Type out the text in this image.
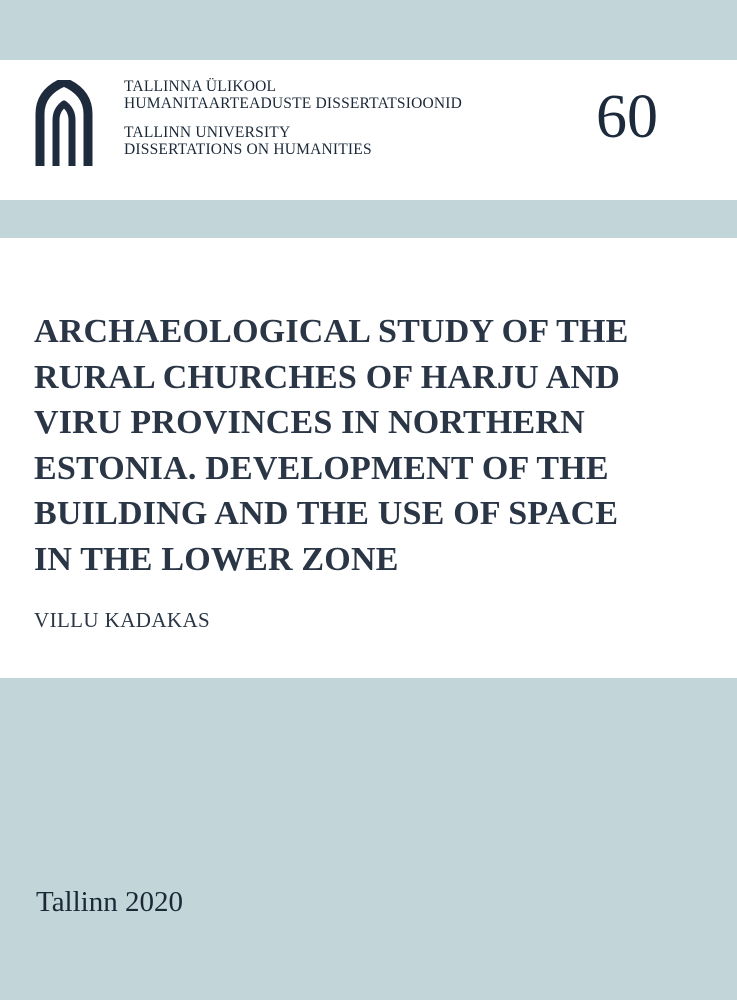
TALLINNA ÜLIKOOL
HUMANITAARTEADUSTE DISSERTATSIOONID
TALLINN UNIVERSITY
DISSERTATIONS ON HUMANITIES	60
ARCHAEOLOGICAL STUDY OF THE
RURAL CHURCHES OF HARJU AND
VIRU PROVINCES IN NORTHERN
ESTONIA. DEVELOPMENT OF THE
BUILDING AND THE USE OF SPACE
IN THE LOWER ZONE
VILLU KADAKAS
Tallinn 2020
